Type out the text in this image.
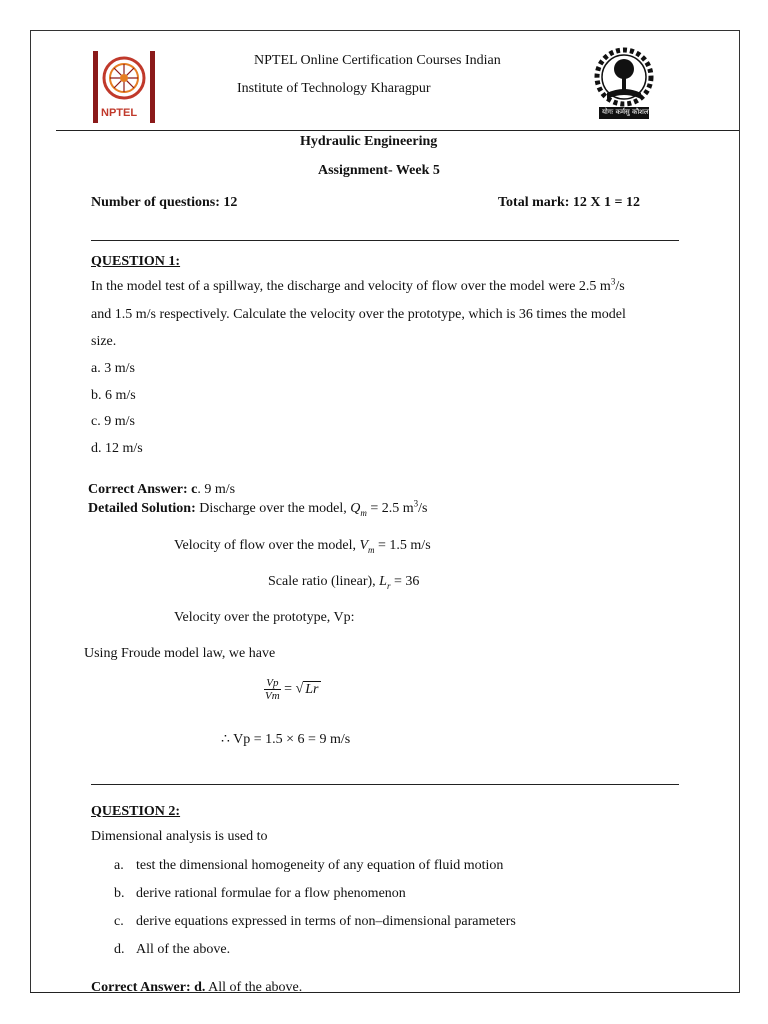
NPTEL
NPTEL Online Certification Courses Indian
Institute of Technology Kharagpur
योगः कर्मसु कौशलम्
Hydraulic Engineering
Assignment- Week 5
Number of questions: 12	Total mark: 12 X 1 = 12
QUESTION 1:
In the model test of a spillway, the discharge and velocity of flow over the model were 2.5 $m^3/s$
and 1.5 m/s respectively. Calculate the velocity over the prototype, which is 36 times the model
size.
a. 3 m/s
b. 6 m/s
c. 9 m/s
d. 12 m/s
Correct Answer: c. 9 m/s
Detailed Solution: Discharge over the model, $Q_m = 2.5$ $m^3/s$
Velocity of flow over the model, $V_m = 1.5$ m/s
Scale ratio (linear), $L_r = 36$
Velocity over the prototype, Vp:
Using Froude model law, we have
$\frac{Vp}{Vm}$ = √ Lr
∴ Vp = 1.5 × 6 = 9 m/s
QUESTION 2:
Dimensional analysis is used to
a. test the dimensional homogeneity of any equation of fluid motion
b. derive rational formulae for a flow phenomenon
c. derive equations expressed in terms of non–dimensional parameters
d. All of the above.
Correct Answer: d. All of the above.
